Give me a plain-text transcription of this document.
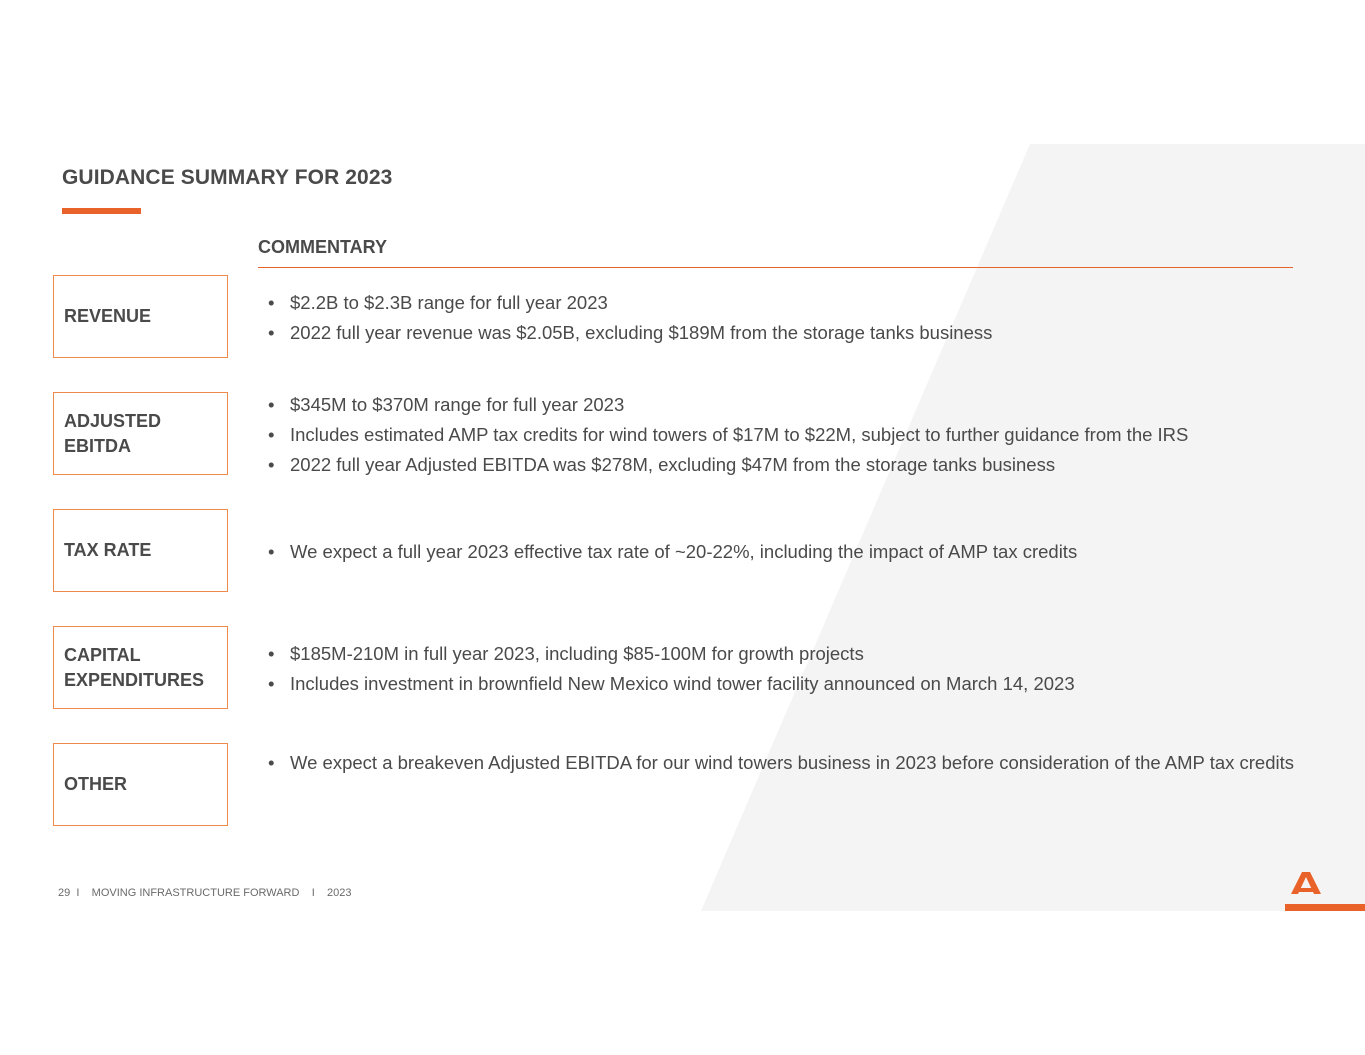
GUIDANCE SUMMARY FOR 2023
COMMENTARY
REVENUE
• $2.2B to $2.3B range for full year 2023
• 2022 full year revenue was $2.05B, excluding $189M from the storage tanks business
ADJUSTED
EBITDA
• $345M to $370M range for full year 2023
• Includes estimated AMP tax credits for wind towers of $17M to $22M, subject to further guidance from the IRS
• 2022 full year Adjusted EBITDA was $278M, excluding $47M from the storage tanks business
TAX RATE
•	We expect a full year 2023 effective tax rate of ~20-22%, including the impact of AMP tax credits
CAPITAL
EXPENDITURES
• $185M-210M in full year 2023, including $85-100M for growth projects
• Includes investment in brownfield New Mexico wind tower facility announced on March 14, 2023
OTHER
• We expect a breakeven Adjusted EBITDA for our wind towers business in 2023 before consideration of the AMP tax credits
29 I MOVING INFRASTRUCTURE FORWARD I 2023
